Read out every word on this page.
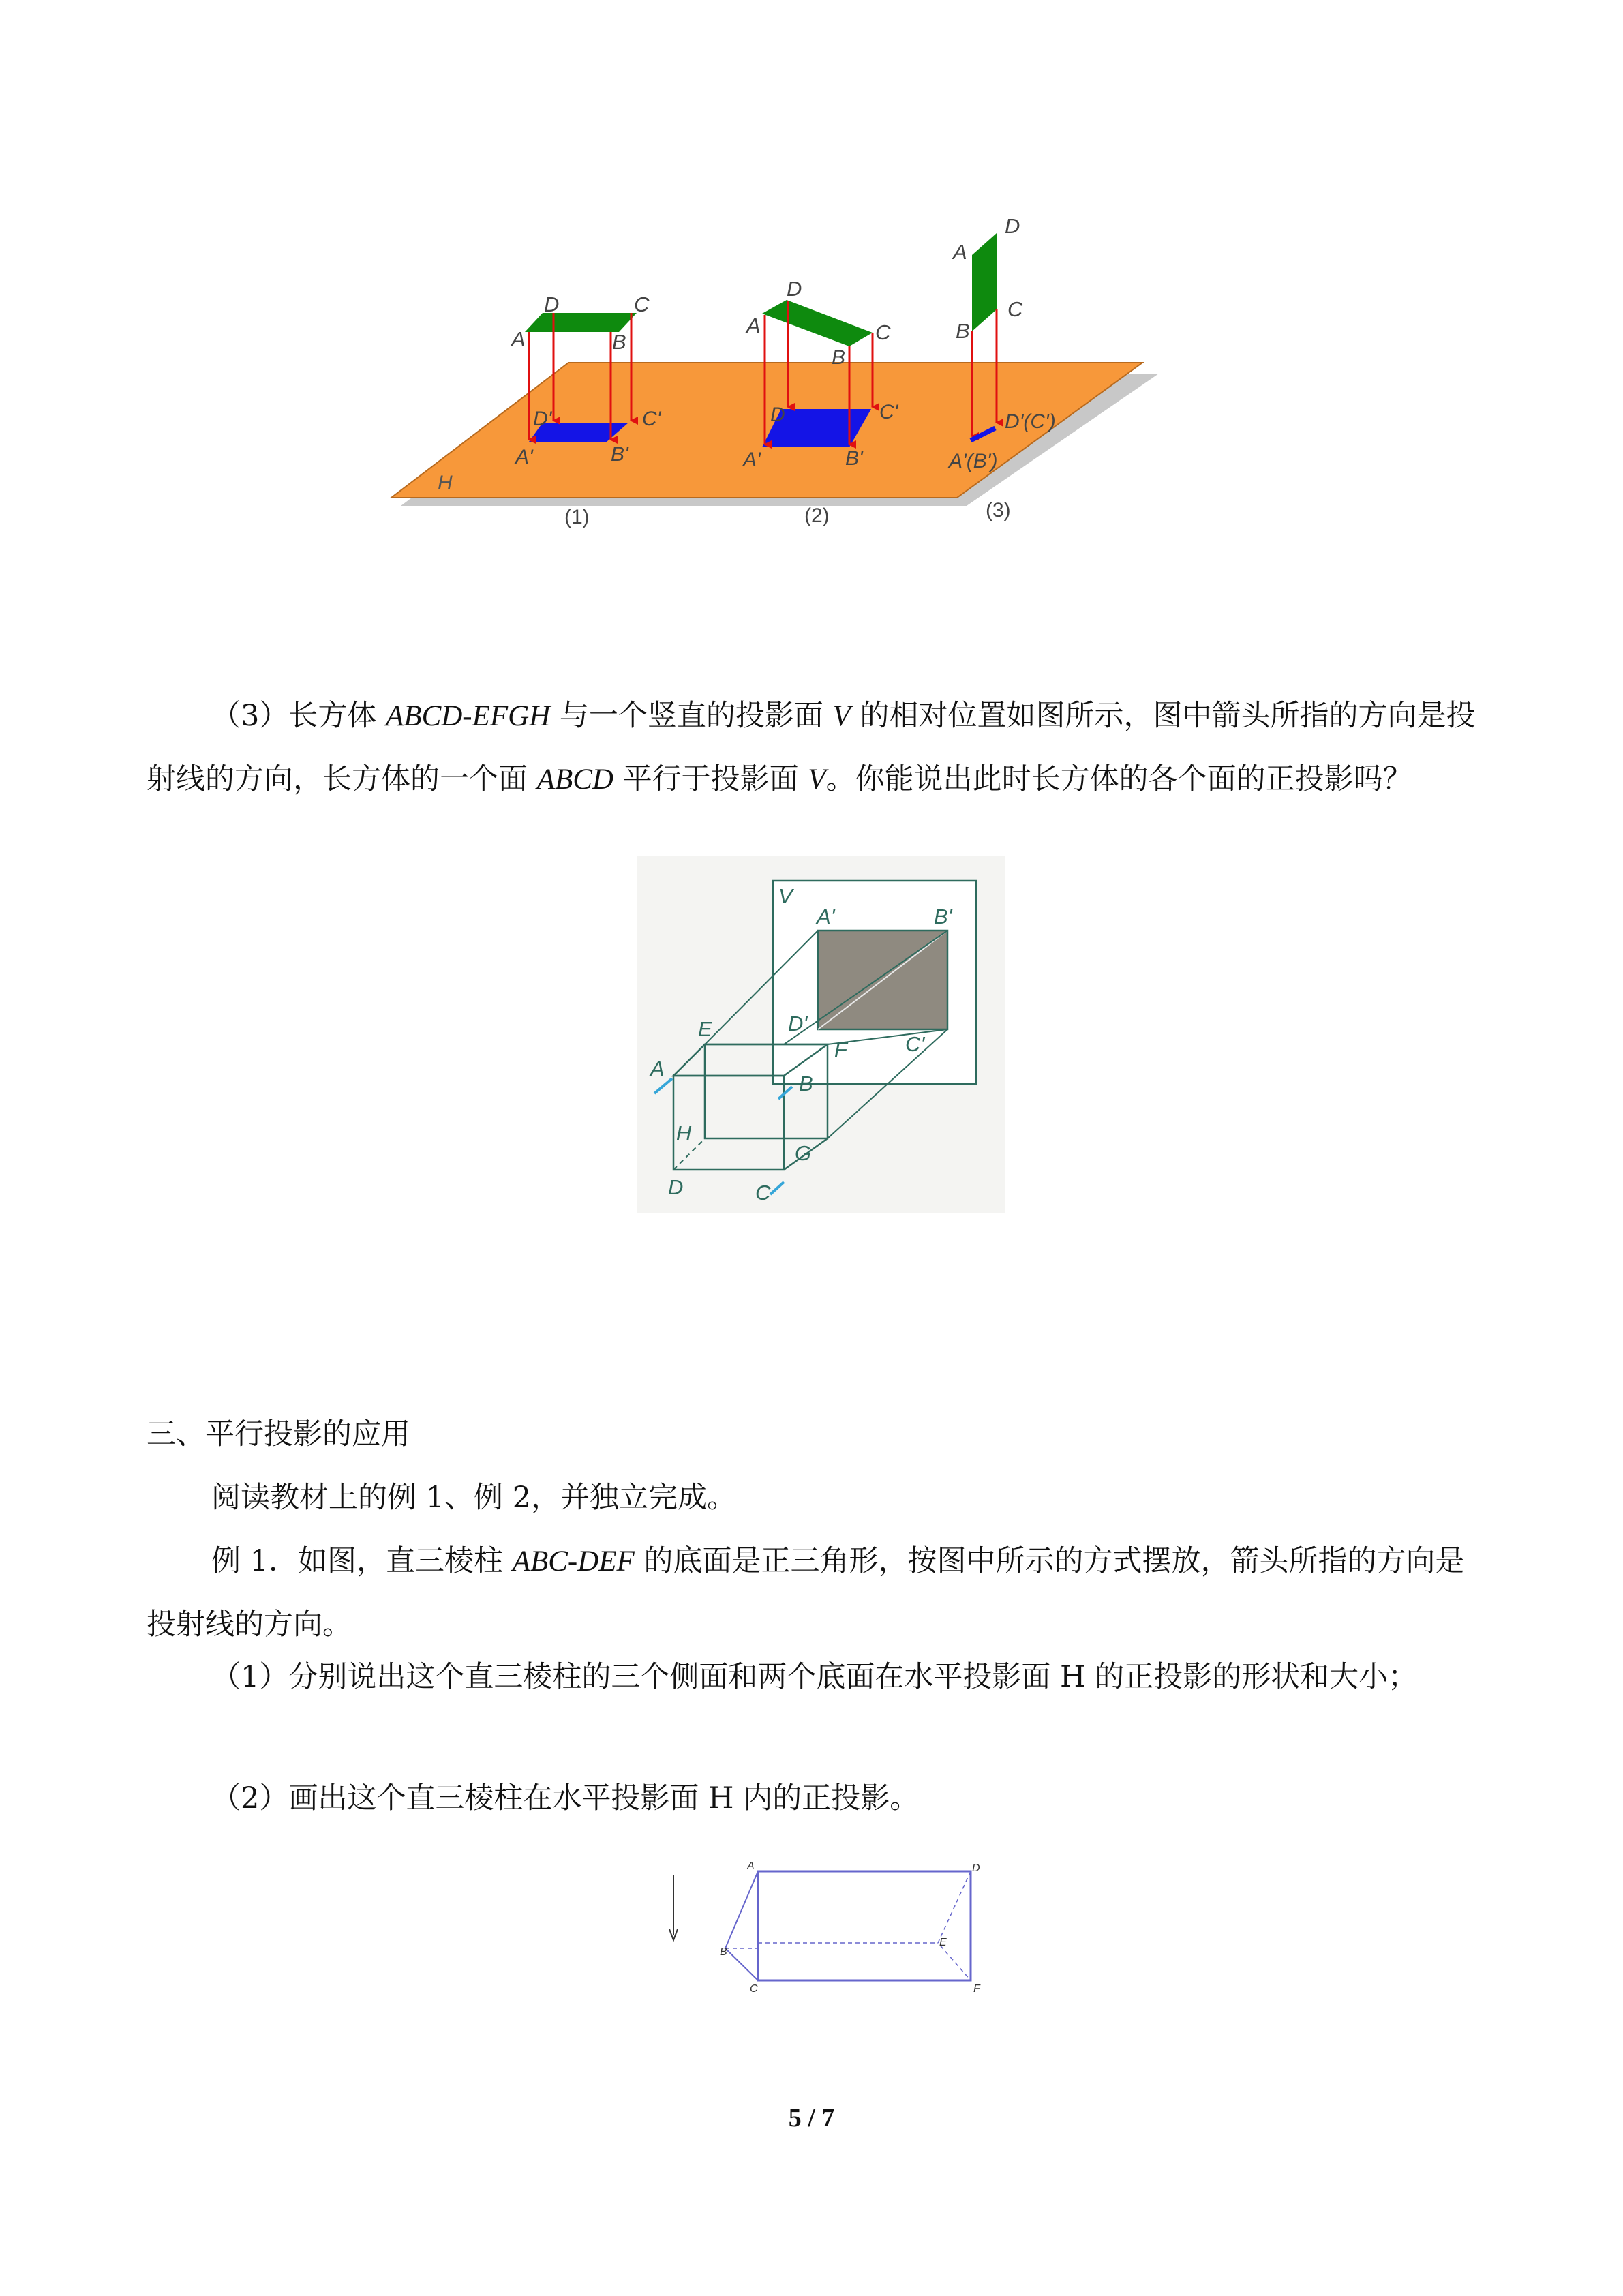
H
D	C
A	B
D'	C'
A'	B'
(1)
D
A	C
B
D	C'
A'	B'
(2)
D
A
C
B
D'(C')
A'(B')
(3)
（3）长方体 ABCD-EFGH 与一个竖直的投影面 V 的相对位置如图所示，图中箭头所指的方向是投射线的方向，长方体的一个面 ABCD 平行于投影面 V。你能说出此时长方体的各个面的正投影吗？
V
A'	B'
D'
C'
E
F
A
B
H
G
D	C
三、平行投影的应用
阅读教材上的例 1、例 2，并独立完成。
例 1．如图，直三棱柱 ABC-DEF 的底面是正三角形，按图中所示的方式摆放，箭头所指的方向是投射线的方向。
（1）分别说出这个直三棱柱的三个侧面和两个底面在水平投影面 H 的正投影的形状和大小；
（2）画出这个直三棱柱在水平投影面 H 内的正投影。
A	D
B
E
C	F
5 / 7
